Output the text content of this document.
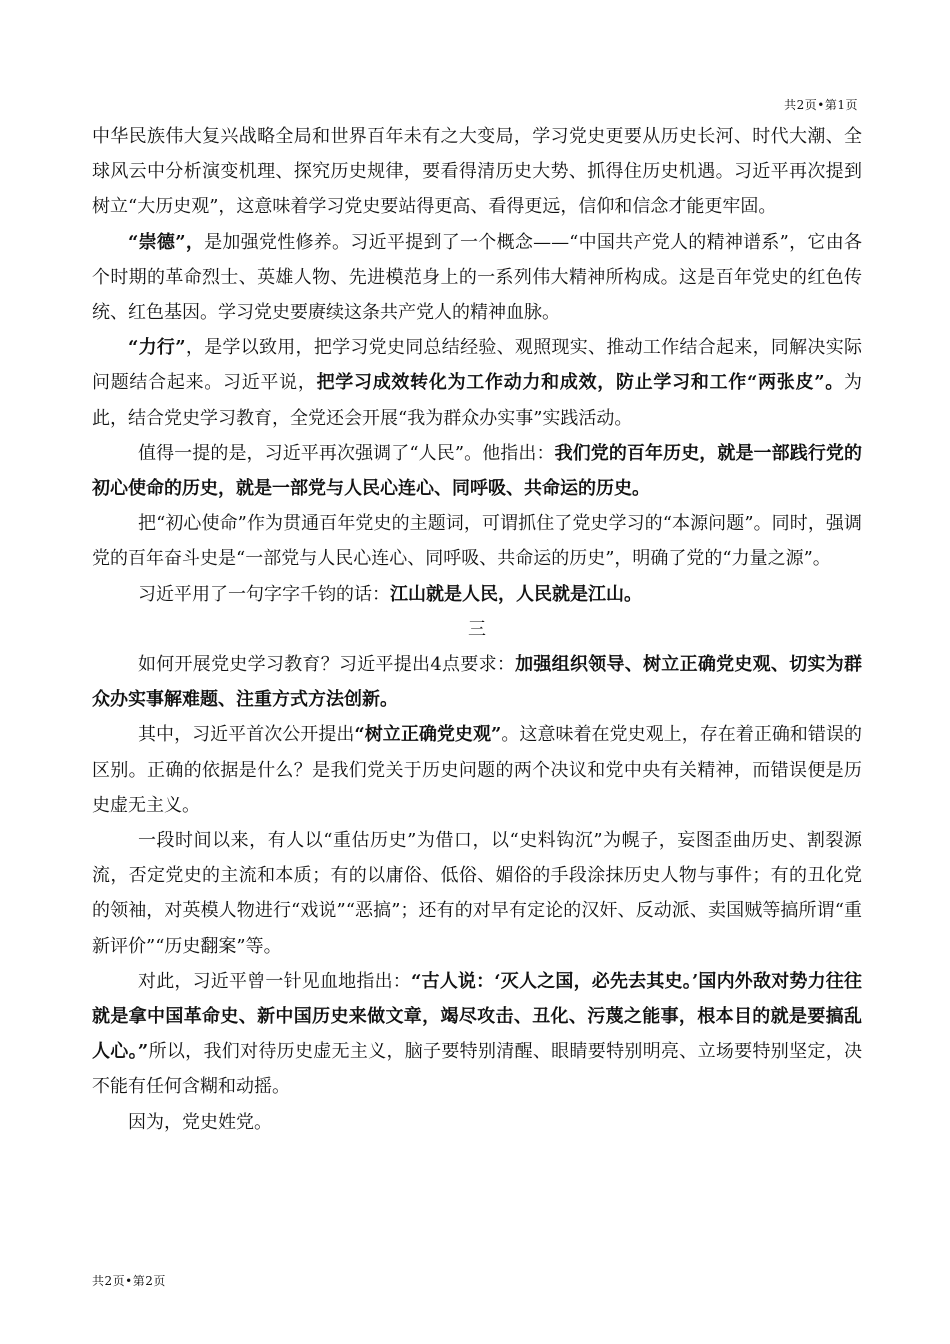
共2页•第1页

中华民族伟大复兴战略全局和世界百年未有之大变局，学习党史更要从历史长河、时代大潮、全球风云中分析演变机理、探究历史规律，要看得清历史大势、抓得住历史机遇。习近平再次提到树立“大历史观”，这意味着学习党史要站得更高、看得更远，信仰和信念才能更牢固。

“崇德”，是加强党性修养。习近平提到了一个概念——“中国共产党人的精神谱系”，它由各个时期的革命烈士、英雄人物、先进模范身上的一系列伟大精神所构成。这是百年党史的红色传统、红色基因。学习党史要赓续这条共产党人的精神血脉。

“力行”，是学以致用，把学习党史同总结经验、观照现实、推动工作结合起来，同解决实际问题结合起来。习近平说，把学习成效转化为工作动力和成效，防止学习和工作“两张皮”。为此，结合党史学习教育，全党还会开展“我为群众办实事”实践活动。

值得一提的是，习近平再次强调了“人民”。他指出：我们党的百年历史，就是一部践行党的初心使命的历史，就是一部党与人民心连心、同呼吸、共命运的历史。

把“初心使命”作为贯通百年党史的主题词，可谓抓住了党史学习的“本源问题”。同时，强调党的百年奋斗史是“一部党与人民心连心、同呼吸、共命运的历史”，明确了党的“力量之源”。

习近平用了一句字字千钧的话：江山就是人民，人民就是江山。

三

如何开展党史学习教育？习近平提出4点要求：加强组织领导、树立正确党史观、切实为群众办实事解难题、注重方式方法创新。

其中，习近平首次公开提出“树立正确党史观”。这意味着在党史观上，存在着正确和错误的区别。正确的依据是什么？是我们党关于历史问题的两个决议和党中央有关精神，而错误便是历史虚无主义。

一段时间以来，有人以“重估历史”为借口，以“史料钩沉”为幌子，妄图歪曲历史、割裂源流，否定党史的主流和本质；有的以庸俗、低俗、媚俗的手段涂抹历史人物与事件；有的丑化党的领袖，对英模人物进行“戏说”“恶搞”；还有的对早有定论的汉奸、反动派、卖国贼等搞所谓“重新评价”“历史翻案”等。

对此，习近平曾一针见血地指出：“古人说：‘灭人之国，必先去其史。’国内外敌对势力往往就是拿中国革命史、新中国历史来做文章，竭尽攻击、丑化、污蔑之能事，根本目的就是要搞乱人心。”所以，我们对待历史虚无主义，脑子要特别清醒、眼睛要特别明亮、立场要特别坚定，决不能有任何含糊和动摇。

因为，党史姓党。

共2页•第2页
